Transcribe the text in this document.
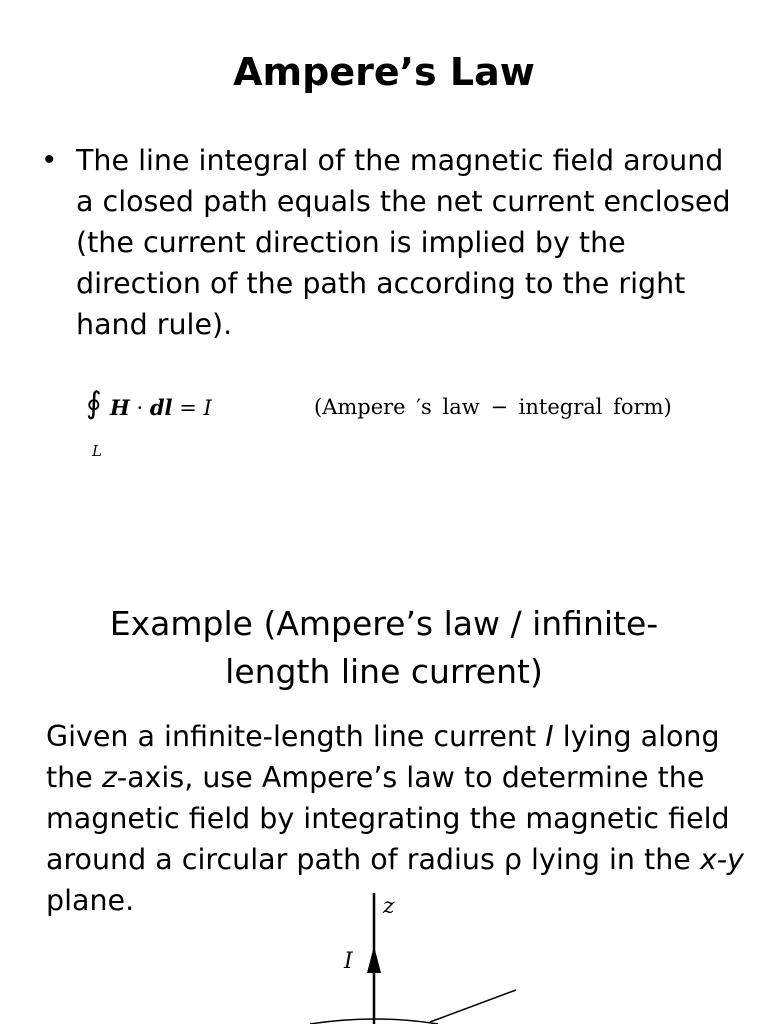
Ampere’s Law
• The line integral of the magnetic field around a closed path equals the net current enclosed (the current direction is implied by the direction of the path according to the right hand rule).
∮ H · dl = I
L
(Ampere ′s law − integral form)
Example (Ampere’s law / infinite-
length line current)
Given a infinite-length line current I lying along the z-axis, use Ampere’s law to determine the magnetic field by integrating the magnetic field around a circular path of radius ρ lying in the x-y plane.	z
I
